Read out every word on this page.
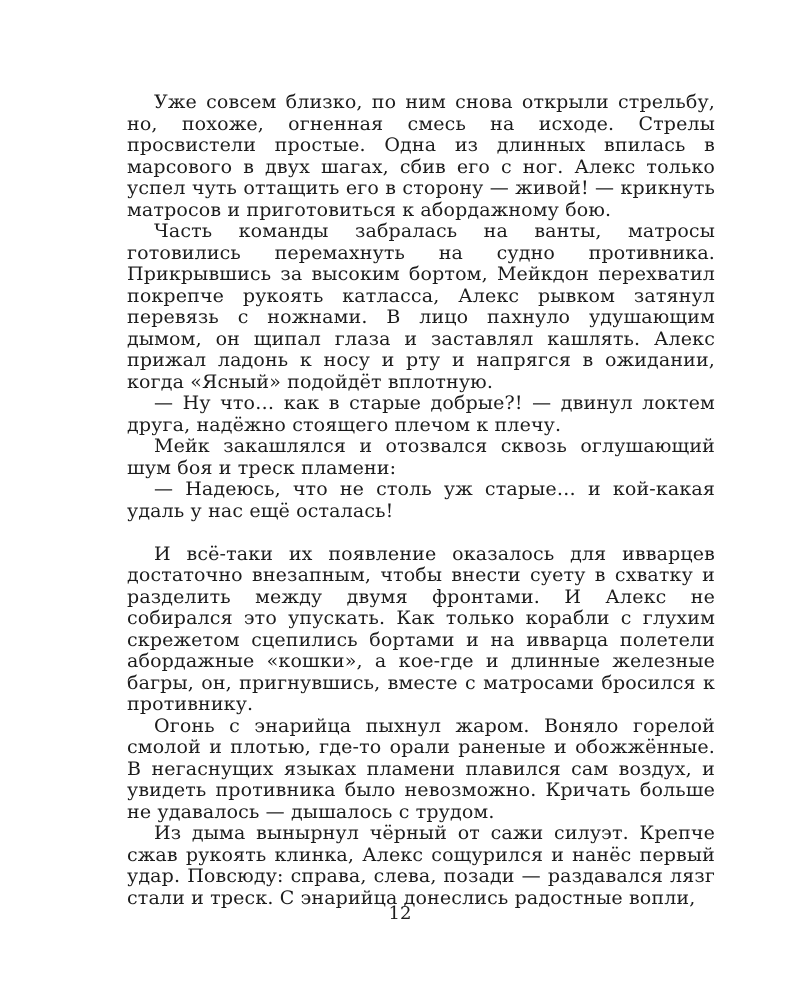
Уже совсем близко, по ним снова открыли стрельбу, но, похоже, огненная смесь на исходе. Стрелы просвистели простые. Одна из длинных впилась в марсового в двух шагах, сбив его с ног. Алекс только успел чуть оттащить его в сторону — живой! — крикнуть матросов и приготовиться к абордажному бою.

Часть команды забралась на ванты, матросы готовились перемахнуть на судно противника. Прикрывшись за высоким бортом, Мейкдон перехватил покрепче рукоять катласса, Алекс рывком затянул перевязь с ножнами. В лицо пахнуло удушающим дымом, он щипал глаза и заставлял кашлять. Алекс прижал ладонь к носу и рту и напрягся в ожидании, когда «Ясный» подойдёт вплотную.

— Ну что… как в старые добрые?! — двинул локтем друга, надёжно стоящего плечом к плечу.

Мейк закашлялся и отозвался сквозь оглушающий шум боя и треск пламени:

— Надеюсь, что не столь уж старые… и кой-какая удаль у нас ещё осталась!

И всё-таки их появление оказалось для ивварцев достаточно внезапным, чтобы внести суету в схватку и разделить между двумя фронтами. И Алекс не собирался это упускать. Как только корабли с глухим скрежетом сцепились бортами и на ивварца полетели абордажные «кошки», а кое-где и длинные железные багры, он, пригнувшись, вместе с матросами бросился к противнику.

Огонь с энарийца пыхнул жаром. Воняло горелой смолой и плотью, где-то орали раненые и обожжённые. В негаснущих языках пламени плавился сам воздух, и увидеть противника было невозможно. Кричать больше не удавалось — дышалось с трудом.

Из дыма вынырнул чёрный от сажи силуэт. Крепче сжав рукоять клинка, Алекс сощурился и нанёс первый удар. Повсюду: справа, слева, позади — раздавался лязг стали и треск. С энарийца донеслись радостные вопли,

12
